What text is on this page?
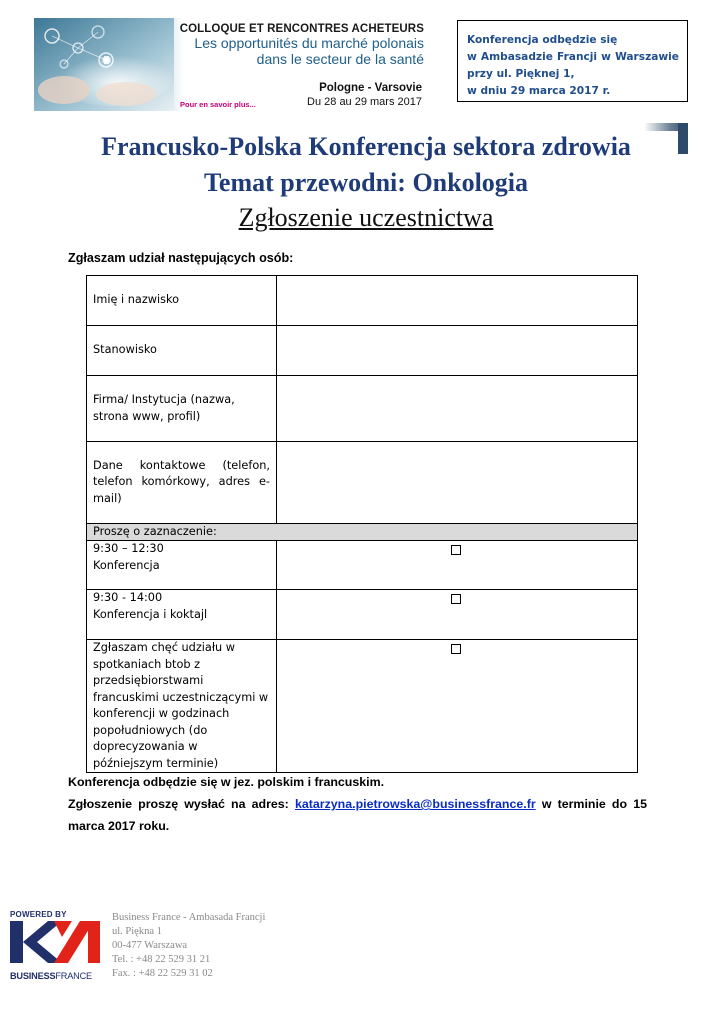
COLLOQUE ET RENCONTRES ACHETEURS
Les opportunités du marché polonais
dans le secteur de la santé
Pologne - Varsovie
Du 28 au 29 mars 2017
Pour en savoir plus...
Konferencja odbędzie się
w Ambasadzie Francji w Warszawie
przy ul. Pięknej 1,
w dniu 29 marca 2017 r.
Francusko-Polska Konferencja sektora zdrowia
Temat przewodni: Onkologia
Zgłoszenie uczestnictwa
Zgłaszam udział następujących osób:
Imię i nazwisko	
Stanowisko	
Firma/ Instytucja (nazwa, strona www, profil)	
Dane kontaktowe (telefon, telefon komórkowy, adres e-mail)	
Proszę o zaznaczenie:	

9:30 – 12:30
Konferencja	

9:30 - 14:00
Konferencja i koktajl	

Zgłaszam chęć udziału w spotkaniach btob z przedsiębiorstwami francuskimi uczestniczącymi w konferencji w godzinach popołudniowych (do doprecyzowania w późniejszym terminie)	

Konferencja odbędzie się w jez. polskim i francuskim.
Zgłoszenie proszę wysłać na adres: katarzyna.pietrowska@businessfrance.fr w terminie do 15 marca 2017 roku.
POWERED BY
BUSINESSFRANCE
Business France - Ambasada Francji
ul. Piękna 1
00-477 Warszawa
Tel. : +48 22 529 31 21
Fax. : +48 22 529 31 02
